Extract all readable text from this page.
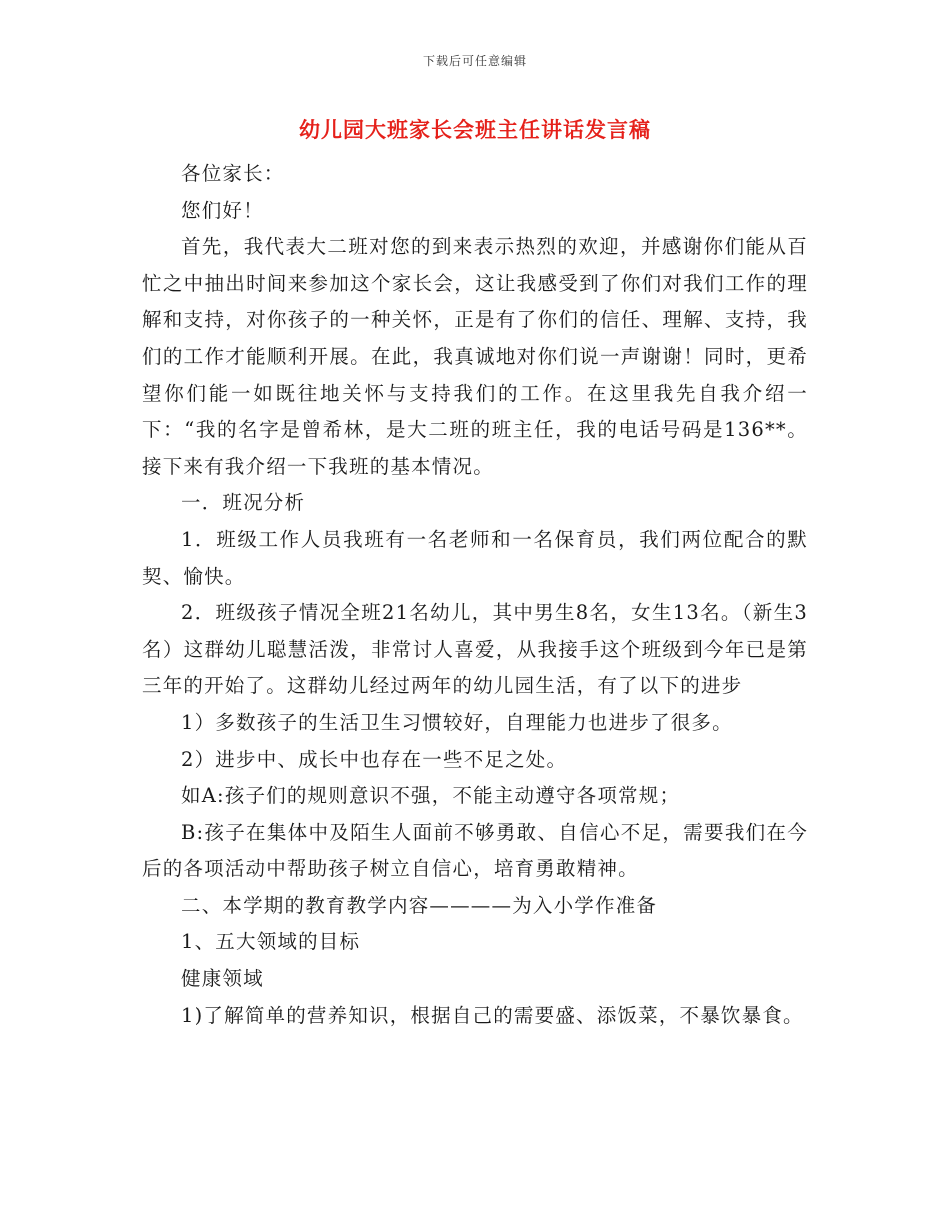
下载后可任意编辑
幼儿园大班家长会班主任讲话发言稿

各位家长：

您们好！

首先，我代表大二班对您的到来表示热烈的欢迎，并感谢你们能从百忙之中抽出时间来参加这个家长会，这让我感受到了你们对我们工作的理解和支持，对你孩子的一种关怀，正是有了你们的信任、理解、支持，我们的工作才能顺利开展。在此，我真诚地对你们说一声谢谢！同时，更希望你们能一如既往地关怀与支持我们的工作。在这里我先自我介绍一下：“我的名字是曾希林，是大二班的班主任，我的电话号码是136**。接下来有我介绍一下我班的基本情况。

一．班况分析

1．班级工作人员我班有一名老师和一名保育员，我们两位配合的默契、愉快。

2．班级孩子情况全班21名幼儿，其中男生8名，女生13名。（新生3名）这群幼儿聪慧活泼，非常讨人喜爱，从我接手这个班级到今年已是第三年的开始了。这群幼儿经过两年的幼儿园生活，有了以下的进步

1）多数孩子的生活卫生习惯较好，自理能力也进步了很多。

2）进步中、成长中也存在一些不足之处。

如A:孩子们的规则意识不强，不能主动遵守各项常规；

B:孩子在集体中及陌生人面前不够勇敢、自信心不足，需要我们在今后的各项活动中帮助孩子树立自信心，培育勇敢精神。

二、本学期的教育教学内容————为入小学作准备

1、五大领域的目标

健康领域

1)了解简单的营养知识，根据自己的需要盛、添饭菜，不暴饮暴食。
